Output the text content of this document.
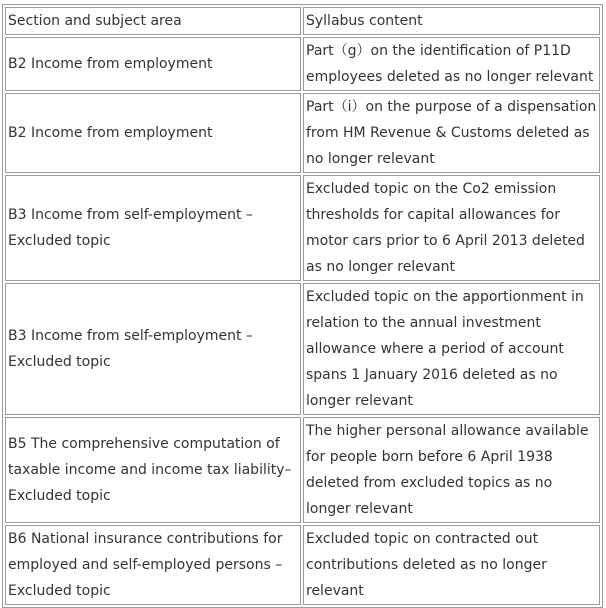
Section and subject area	Syllabus content
B2 Income from employment	Part（g）on the identification of P11D employees deleted as no longer relevant
B2 Income from employment	Part（i）on the purpose of a dispensation from HM Revenue & Customs deleted as no longer relevant
B3 Income from self-employment – Excluded topic	Excluded topic on the Co2 emission thresholds for capital allowances for motor cars prior to 6 April 2013 deleted as no longer relevant
B3 Income from self-employment – Excluded topic	Excluded topic on the apportionment in relation to the annual investment allowance where a period of account spans 1 January 2016 deleted as no longer relevant
B5 The comprehensive computation of taxable income and income tax liability– Excluded topic	The higher personal allowance available for people born before 6 April 1938 deleted from excluded topics as no longer relevant
B6 National insurance contributions for employed and self-employed persons – Excluded topic	Excluded topic on contracted out contributions deleted as no longer relevant
